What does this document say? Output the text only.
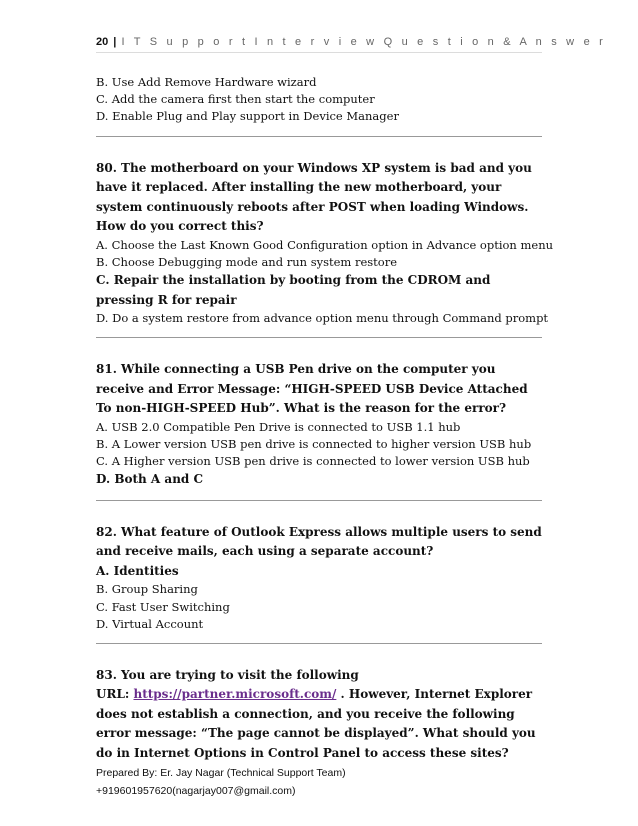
20 | I T S u p p o r t I n t e r v i e w Q u e s t i o n & A n s w e r
B. Use Add Remove Hardware wizard
C. Add the camera first then start the computer
D. Enable Plug and Play support in Device Manager
80. The motherboard on your Windows XP system is bad and you have it replaced. After installing the new motherboard, your system continuously reboots after POST when loading Windows. How do you correct this?
A. Choose the Last Known Good Configuration option in Advance option menu
B. Choose Debugging mode and run system restore
C. Repair the installation by booting from the CDROM and pressing R for repair
D. Do a system restore from advance option menu through Command prompt
81. While connecting a USB Pen drive on the computer you receive and Error Message: “HIGH-SPEED USB Device Attached To non-HIGH-SPEED Hub”. What is the reason for the error?
A. USB 2.0 Compatible Pen Drive is connected to USB 1.1 hub
B. A Lower version USB pen drive is connected to higher version USB hub
C. A Higher version USB pen drive is connected to lower version USB hub
D. Both A and C
82. What feature of Outlook Express allows multiple users to send and receive mails, each using a separate account?
A. Identities
B. Group Sharing
C. Fast User Switching
D. Virtual Account
83. You are trying to visit the following
URL: https://partner.microsoft.com/ . However, Internet Explorer does not establish a connection, and you receive the following error message: “The page cannot be displayed”. What should you do in Internet Options in Control Panel to access these sites?
Prepared By: Er. Jay Nagar (Technical Support Team)
+919601957620(nagarjay007@gmail.com)
